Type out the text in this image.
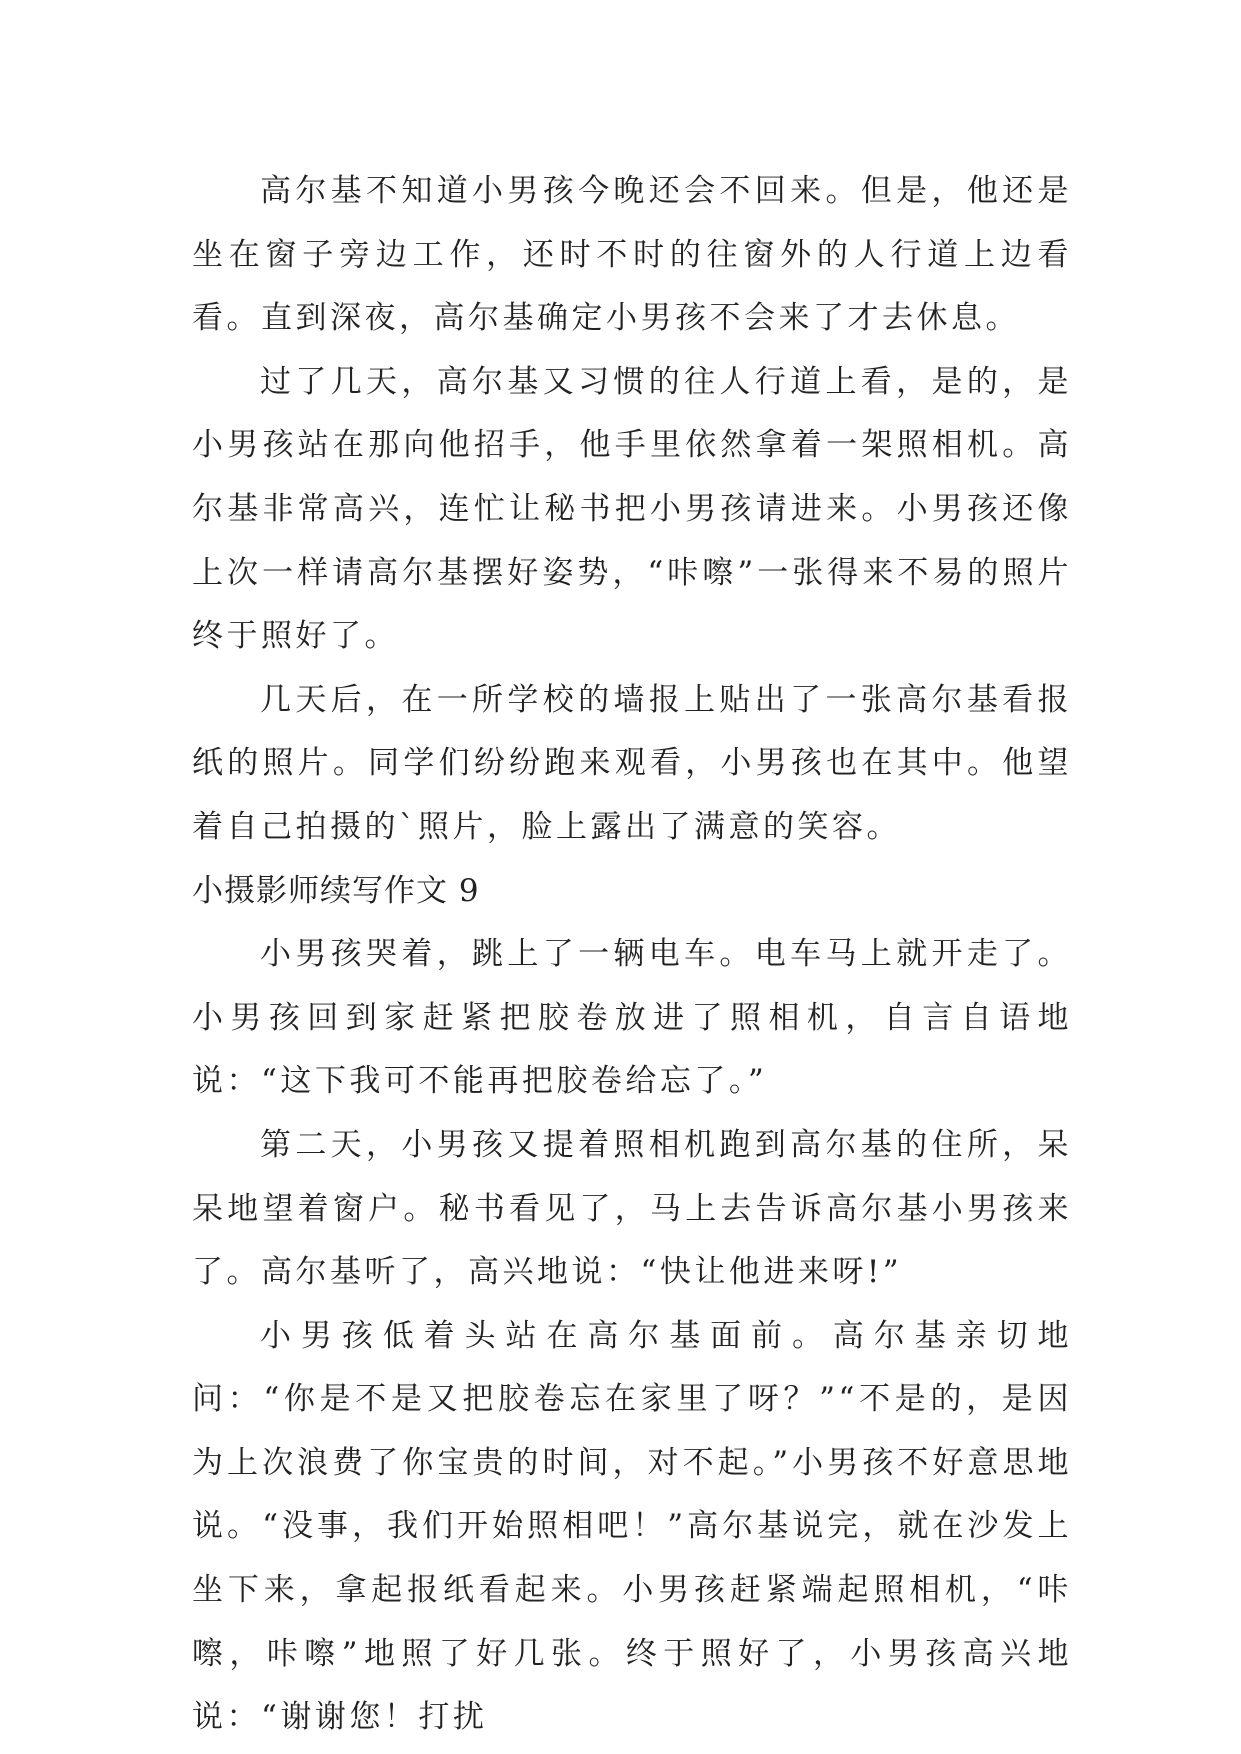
高尔基不知道小男孩今晚还会不回来。但是，他还是坐在窗子旁边工作，还时不时的往窗外的人行道上边看看。直到深夜，高尔基确定小男孩不会来了才去休息。

过了几天，高尔基又习惯的往人行道上看，是的，是小男孩站在那向他招手，他手里依然拿着一架照相机。高尔基非常高兴，连忙让秘书把小男孩请进来。小男孩还像上次一样请高尔基摆好姿势，“咔嚓”一张得来不易的照片终于照好了。

几天后，在一所学校的墙报上贴出了一张高尔基看报纸的照片。同学们纷纷跑来观看，小男孩也在其中。他望着自己拍摄的`照片，脸上露出了满意的笑容。

小摄影师续写作文 9

小男孩哭着，跳上了一辆电车。电车马上就开走了。小男孩回到家赶紧把胶卷放进了照相机，自言自语地说：“这下我可不能再把胶卷给忘了。”

第二天，小男孩又提着照相机跑到高尔基的住所，呆呆地望着窗户。秘书看见了，马上去告诉高尔基小男孩来了。高尔基听了，高兴地说：“快让他进来呀!”

小男孩低着头站在高尔基面前。高尔基亲切地问：“你是不是又把胶卷忘在家里了呀？”“不是的，是因为上次浪费了你宝贵的时间，对不起。”小男孩不好意思地说。“没事，我们开始照相吧！”高尔基说完，就在沙发上坐下来，拿起报纸看起来。小男孩赶紧端起照相机，“咔嚓，咔嚓”地照了好几张。终于照好了，小男孩高兴地说：“谢谢您！打扰
